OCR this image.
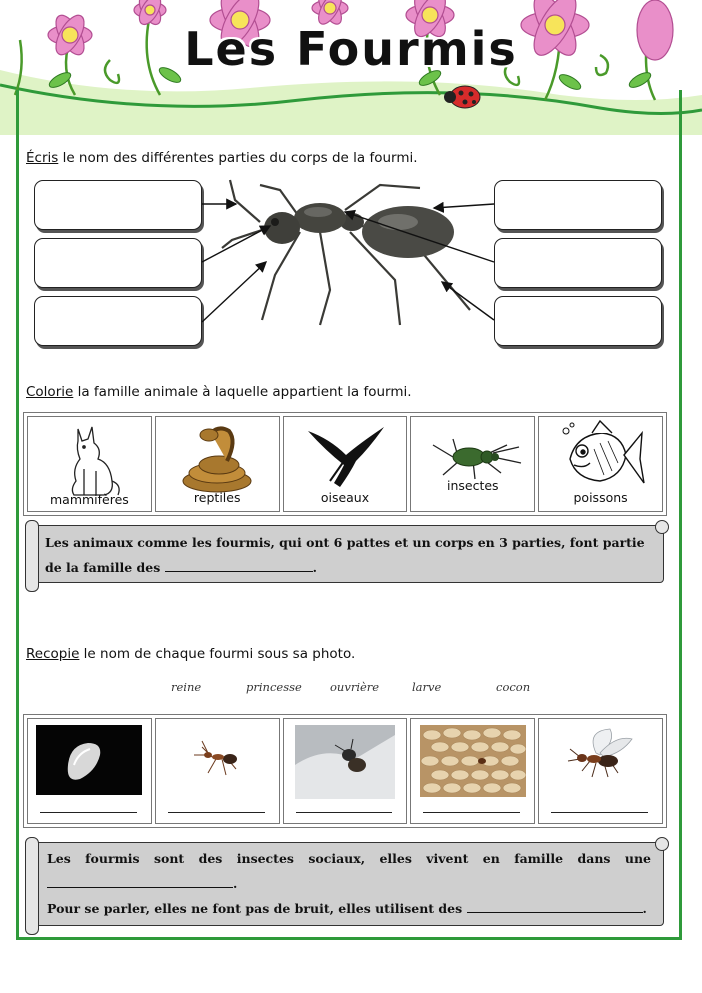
Les Fourmis
Écris le nom des différentes parties du corps de la fourmi.
Colorie la famille animale à laquelle appartient la fourmi.
mammifères	reptiles	oiseaux
insectes
poissons
Les animaux comme les fourmis, qui ont 6 pattes et un corps en 3 parties, font partie
de la famille des	.
Recopie le nom de chaque fourmi sous sa photo.
reine	princesse ouvrière	larve	cocon
Les fourmis sont des insectes sociaux, elles vivent en famille dans une
.
Pour se parler, elles ne font pas de bruit, elles utilisent des	.
